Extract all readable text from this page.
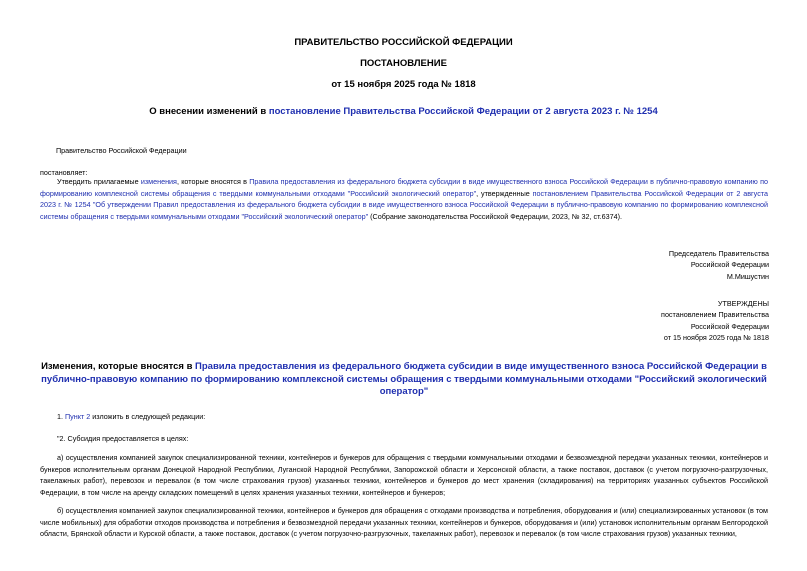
ПРАВИТЕЛЬСТВО РОССИЙСКОЙ ФЕДЕРАЦИИ
ПОСТАНОВЛЕНИЕ
от 15 ноября 2025 года № 1818
О внесении изменений в постановление Правительства Российской Федерации от 2 августа 2023 г. № 1254
Правительство Российской Федерации
постановляет:
Утвердить прилагаемые изменения, которые вносятся в Правила предоставления из федерального бюджета субсидии в виде имущественного взноса Российской Федерации в публично-правовую компанию по формированию комплексной системы обращения с твердыми коммунальными отходами "Российский экологический оператор", утвержденные постановлением Правительства Российской Федерации от 2 августа 2023 г. № 1254 "Об утверждении Правил предоставления из федерального бюджета субсидии в виде имущественного взноса Российской Федерации в публично-правовую компанию по формированию комплексной системы обращения с твердыми коммунальными отходами "Российский экологический оператор" (Собрание законодательства Российской Федерации, 2023, № 32, ст.6374).
Председатель Правительства
Российской Федерации
М.Мишустин
УТВЕРЖДЕНЫ
постановлением Правительства
Российской Федерации
от 15 ноября 2025 года № 1818
Изменения, которые вносятся в Правила предоставления из федерального бюджета субсидии в виде имущественного взноса Российской Федерации в публично-правовую компанию по формированию комплексной системы обращения с твердыми коммунальными отходами "Российский экологический оператор"
1. Пункт 2 изложить в следующей редакции:
"2. Субсидия предоставляется в целях:
а) осуществления компанией закупок специализированной техники, контейнеров и бункеров для обращения с твердыми коммунальными отходами и безвозмездной передачи указанных техники, контейнеров и бункеров исполнительным органам Донецкой Народной Республики, Луганской Народной Республики, Запорожской области и Херсонской области, а также поставок, доставок (с учетом погрузочно-разгрузочных, такелажных работ), перевозок и перевалок (в том числе страхования грузов) указанных техники, контейнеров и бункеров до мест хранения (складирования) на территориях указанных субъектов Российской Федерации, в том числе на аренду складских помещений в целях хранения указанных техники, контейнеров и бункеров;
б) осуществления компанией закупок специализированной техники, контейнеров и бункеров для обращения с отходами производства и потребления, оборудования и (или) специализированных установок (в том числе мобильных) для обработки отходов производства и потребления и безвозмездной передачи указанных техники, контейнеров и бункеров, оборудования и (или) установок исполнительным органам Белгородской области, Брянской области и Курской области, а также поставок, доставок (с учетом погрузочно-разгрузочных, такелажных работ), перевозок и перевалок (в том числе страхования грузов) указанных техники,
